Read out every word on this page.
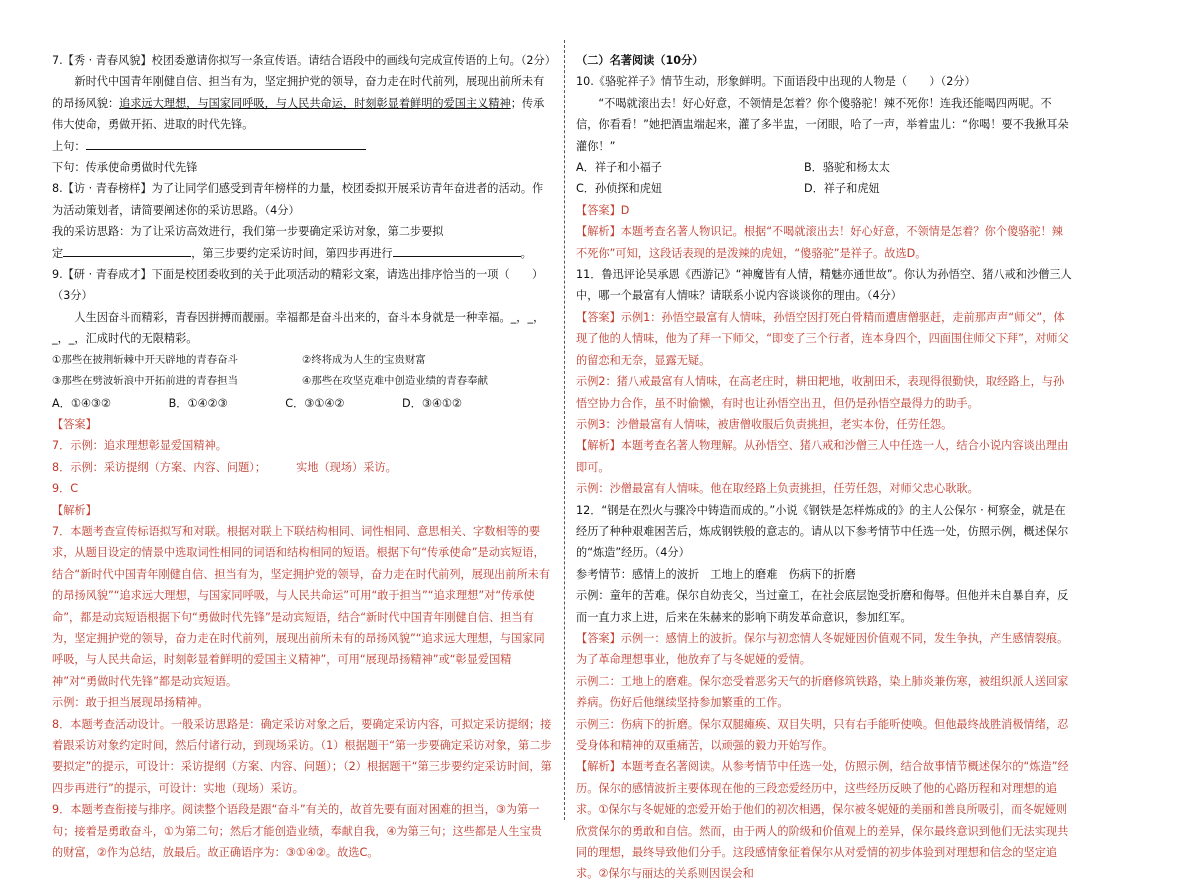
7.【秀 · 青春风貌】校团委邀请你拟写一条宣传语。请结合语段中的画线句完成宣传语的上句。（2分）

新时代中国青年刚健自信、担当有为，坚定拥护党的领导，奋力走在时代前列，展现出前所未有的昂扬风貌：追求远大理想，与国家同呼吸，与人民共命运，时刻彰显着鲜明的爱国主义精神；传承伟大使命，勇做开拓、进取的时代先锋。

上句：

下句：传承使命勇做时代先锋

8.【访 · 青春榜样】为了让同学们感受到青年榜样的力量，校团委拟开展采访青年奋进者的活动。作为活动策划者，请简要阐述你的采访思路。（4分）

我的采访思路：为了让采访高效进行，我们第一步要确定采访对象，第二步要拟

定	，第三步要约定采访时间，第四步再进行	。

9.【研 · 青春成才】下面是校团委收到的关于此项活动的精彩文案，请选出排序恰当的一项（　　）（3分）

人生因奋斗而精彩，青春因拼搏而靓丽。幸福都是奋斗出来的，奋斗本身就是一种幸福。_，_，_，_，汇成时代的无限精彩。

①那些在披荆斩棘中开天辟地的青春奋斗	②终将成为人生的宝贵财富

③那些在劈波斩浪中开拓前进的青春担当	④那些在攻坚克难中创造业绩的青春奉献

A．①④③②	B．①④②③	C．③①④②	D．③④①②

【答案】

7．示例：追求理想彰显爱国精神。

8．示例：采访提纲（方案、内容、问题）；	实地（现场）采访。

9．C

【解析】

7．本题考查宣传标语拟写和对联。根据对联上下联结构相同、词性相同、意思相关、字数相等的要求，从题目设定的情景中选取词性相同的词语和结构相同的短语。根据下句“传承使命”是动宾短语，结合“新时代中国青年刚健自信、担当有为，坚定拥护党的领导，奋力走在时代前列，展现出前所未有的昂扬风貌”“追求远大理想，与国家同呼吸，与人民共命运”可用“敢于担当”“追求理想”对“传承使命”，都是动宾短语根据下句“勇做时代先锋”是动宾短语，结合“新时代中国青年刚健自信、担当有为，坚定拥护党的领导，奋力走在时代前列，展现出前所未有的昂扬风貌”“追求远大理想，与国家同呼吸，与人民共命运，时刻彰显着鲜明的爱国主义精神”，可用“展现昂扬精神”或“彰显爱国精神”对“勇做时代先锋”都是动宾短语。

示例：敢于担当展现昂扬精神。

8．本题考查活动设计。一般采访思路是：确定采访对象之后，要确定采访内容，可拟定采访提纲；接着跟采访对象约定时间，然后付诸行动，到现场采访。（1）根据题干“第一步要确定采访对象，第二步要拟定”的提示，可设计：采访提纲（方案、内容、问题）；（2）根据题干“第三步要约定采访时间，第四步再进行”的提示，可设计：实地（现场）采访。

9．本题考查衔接与排序。阅读整个语段是跟“奋斗”有关的，故首先要有面对困难的担当，③为第一句；接着是勇敢奋斗，①为第二句；然后才能创造业绩，奉献自我，④为第三句；这些都是人生宝贵的财富，②作为总结，放最后。故正确语序为：③①④②。故选C。

（二）名著阅读（10分）

10.《骆驼祥子》情节生动，形象鲜明。下面语段中出现的人物是（　　）（2分）

“不喝就滚出去！好心好意，不领情是怎着？你个傻骆驼！辣不死你！连我还能喝四两呢。不信，你看看！”她把酒盅端起来，灌了多半盅，一闭眼，哈了一声，举着盅儿：“你喝！要不我揪耳朵灌你！”

A．祥子和小福子	B．骆驼和杨太太

C．孙侦探和虎妞	D．祥子和虎妞

【答案】D

【解析】本题考查名著人物识记。根据“不喝就滚出去！好心好意，不领情是怎着？你个傻骆驼！辣不死你”可知，这段话表现的是泼辣的虎妞，“傻骆驼”是祥子。故选D。

11．鲁迅评论吴承恩《西游记》“神魔皆有人情，精魅亦通世故”。你认为孙悟空、猪八戒和沙僧三人中，哪一个最富有人情味？请联系小说内容谈谈你的理由。（4分）

【答案】示例1：孙悟空最富有人情味，孙悟空因打死白骨精而遭唐僧驱赶，走前那声声“师父”，体现了他的人情味，他为了拜一下师父，“即变了三个行者，连本身四个，四面围住师父下拜”，对师父的留恋和无奈，显露无疑。

示例2：猪八戒最富有人情味，在高老庄时，耕田耙地，收割田禾，表现得很勤快，取经路上，与孙悟空协力合作，虽不时偷懒，有时也让孙悟空出丑，但仍是孙悟空最得力的助手。

示例3：沙僧最富有人情味，被唐僧收服后负责挑担，老实本份，任劳任怨。

【解析】本题考查名著人物理解。从孙悟空、猪八戒和沙僧三人中任选一人，结合小说内容谈出理由即可。

示例：沙僧最富有人情味。他在取经路上负责挑担，任劳任怨，对师父忠心耿耿。

12．“钢是在烈火与骤冷中铸造而成的。”小说《钢铁是怎样炼成的》的主人公保尔 · 柯察金，就是在经历了种种艰难困苦后，炼成钢铁般的意志的。请从以下参考情节中任选一处，仿照示例，概述保尔的“炼造”经历。（4分）

参考情节：感情上的波折　工地上的磨难　伤病下的折磨

示例：童年的苦难。保尔自幼丧父，当过童工，在社会底层饱受折磨和侮辱。但他并未自暴自弃，反而一直力求上进，后来在朱赫来的影响下萌发革命意识，参加红军。

【答案】示例一：感情上的波折。保尔与初恋情人冬妮娅因价值观不同，发生争执，产生感情裂痕。为了革命理想事业，他放弃了与冬妮娅的爱情。

示例二：工地上的磨难。保尔恋受着恶劣天气的折磨修筑铁路，染上肺炎兼伤寒，被组织派人送回家养病。伤好后他继续坚持参加繁重的工作。

示例三：伤病下的折磨。保尔双腿瘫痪、双目失明，只有右手能听使唤。但他最终战胜消极情绪，忍受身体和精神的双重痛苦，以顽强的毅力开始写作。

【解析】本题考查名著阅读。从参考情节中任选一处，仿照示例，结合故事情节概述保尔的“炼造”经历。保尔的感情波折主要体现在他的三段恋爱经历中，这些经历反映了他的心路历程和对理想的追求。①保尔与冬妮娅的恋爱开始于他们的初次相遇，保尔被冬妮娅的美丽和善良所吸引，而冬妮娅则欣赏保尔的勇敢和自信。然而，由于两人的阶级和价值观上的差异，保尔最终意识到他们无法实现共同的理想，最终导致他们分手。这段感情象征着保尔从对爱情的初步体验到对理想和信念的坚定追求。②保尔与丽达的关系则因误会和
